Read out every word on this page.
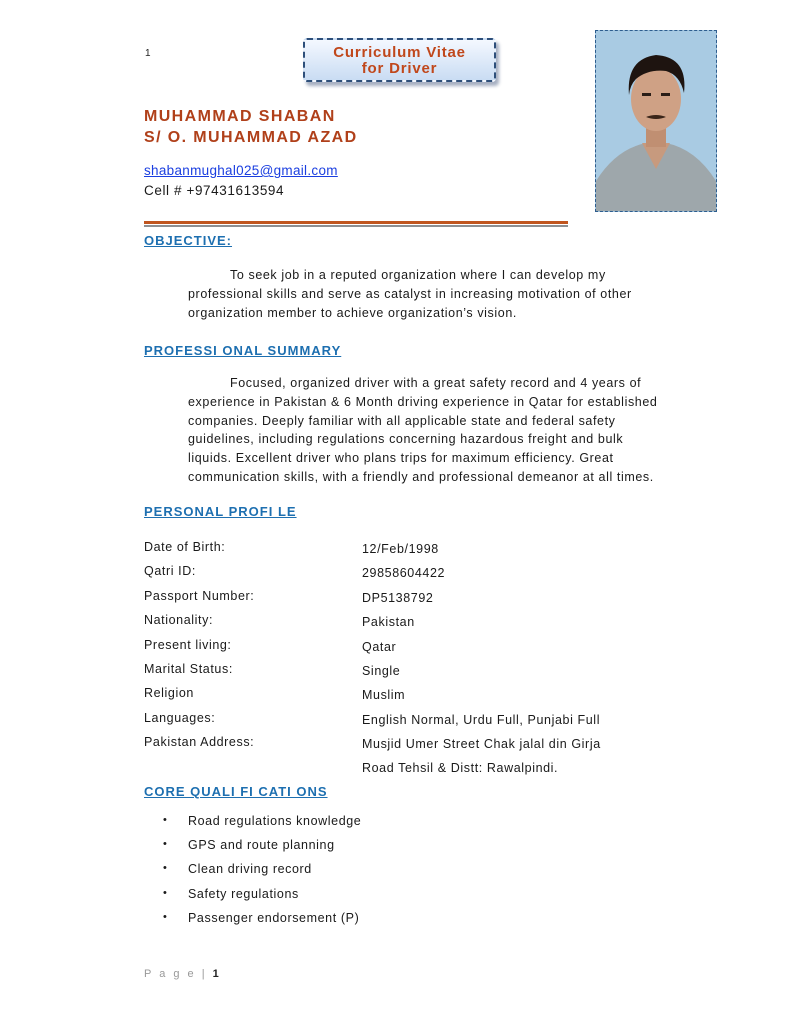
1	Curriculum Vitae
for Driver
MUHAMMAD SHABAN
S/ O. MUHAMMAD AZAD
shabanmughal025@gmail.com
Cell # +97431613594
OBJECTIVE:

To seek job in a reputed organization where I can develop my professional skills and serve as catalyst in increasing motivation of other organization member to achieve organization’s vision.

PROFESSI ONAL SUMMARY

Focused, organized driver with a great safety record and 4 years of experience in Pakistan & 6 Month driving experience in Qatar for established companies. Deeply familiar with all applicable state and federal safety guidelines, including regulations concerning hazardous freight and bulk liquids. Excellent driver who plans trips for maximum efficiency. Great communication skills, with a friendly and professional demeanor at all times.

PERSONAL PROFI LE
Date of Birth:	12/Feb/1998
Qatri ID:	29858604422
Passport Number:	DP5138792
Nationality:	Pakistan
Present living:	Qatar
Marital Status:	Single
Religion	Muslim
Languages:	English Normal, Urdu Full, Punjabi Full
Pakistan Address:	Musjid Umer Street Chak jalal din Girja
Road Tehsil & Distt: Rawalpindi.
CORE QUALI FI CATI ONS
•	Road regulations knowledge
•	GPS and route planning
•	Clean driving record
•	Safety regulations
•	Passenger endorsement (P)
P a g e | 1
